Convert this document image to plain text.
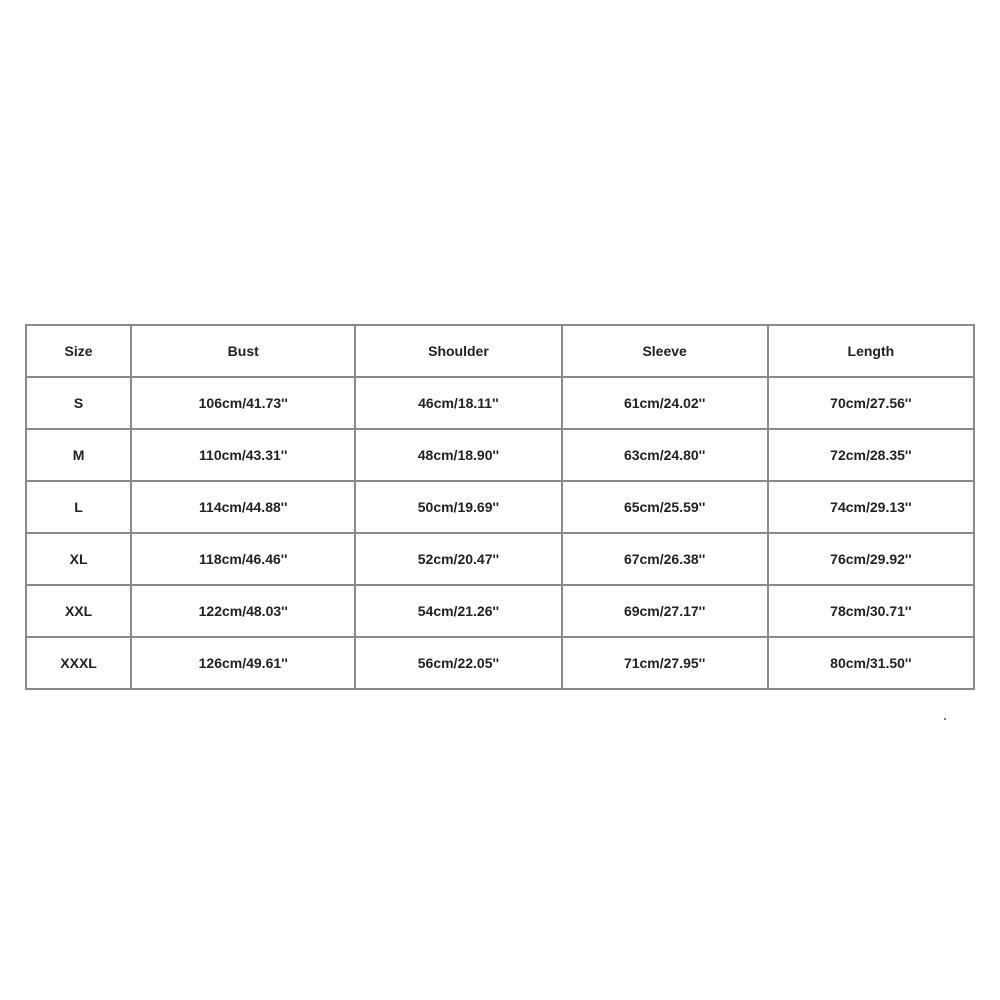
Size	Bust	Shoulder	Sleeve	Length
S	106cm/41.73''	46cm/18.11''	61cm/24.02''	70cm/27.56''
M	110cm/43.31''	48cm/18.90''	63cm/24.80''	72cm/28.35''
L	114cm/44.88''	50cm/19.69''	65cm/25.59''	74cm/29.13''
XL	118cm/46.46''	52cm/20.47''	67cm/26.38''	76cm/29.92''
XXL	122cm/48.03''	54cm/21.26''	69cm/27.17''	78cm/30.71''
XXXL	126cm/49.61''	56cm/22.05''	71cm/27.95''	80cm/31.50''
